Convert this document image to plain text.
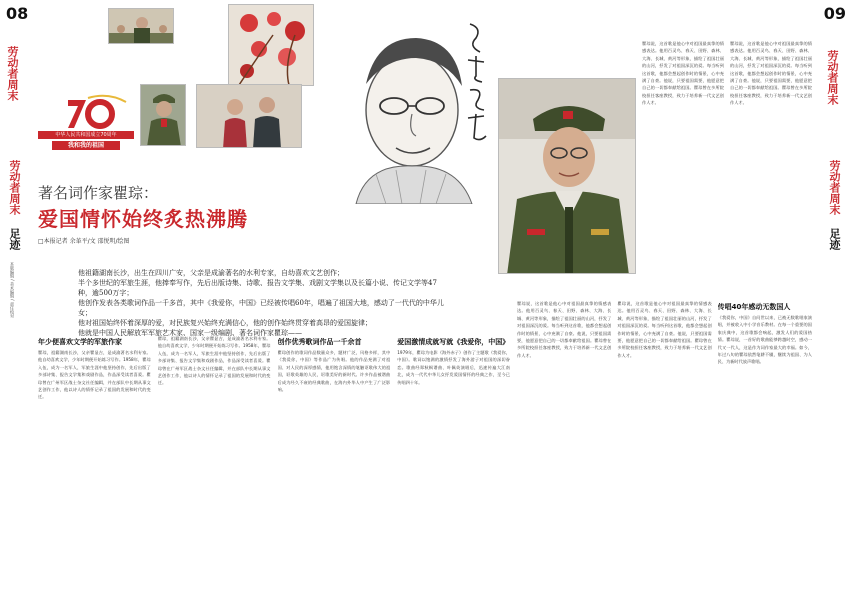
08

劳动者周末
劳动者周末
足迹
本版编辑 / 美术编辑 / 责任校对
中华人民共和国成立70周年
我和我的祖国
著名词作家瞿琮：
爱国情怀始终炙热沸腾
□本报记者 余革平/文 邵悦明/绘图
他祖籍湖南长沙，出生在四川广安，父亲是成渝著名的水利专家，自幼喜欢文艺创作；
半个多世纪的军旅生涯，他捧奉写作，先后出版诗集、诗歌、报告文学集、戏剧文学集以及长篇小说、传记文学等47种，逾500万字；
他创作发表各类歌词作品一千多首，其中《我爱你，中国》已经被传唱60年，唱遍了祖国大地，感动了一代代的中华儿女；
他对祖国始终怀着深厚的爱，对民族复兴始终充满信心，他的创作始终贯穿着高昂的爱国旋律；
他就是中国人民解放军军旅艺术家、国家一级编剧、著名词作家瞿琮——
年少便喜欢文学的军旅作家
瞿琮，祖籍湖南长沙，父亲瞿显吉，是成渝著名水利专家。他自幼喜欢文学，少年时期便开始练习写作。1958年，瞿琮入伍，成为一名军人，军旅生涯中他坚持创作，先后出版了多部诗集、报告文学集和戏剧作品，作品深受读者喜爱。瞿琮曾在广州军区战士杂文社任编辑，并在部队中长期从事文艺创作工作，他以诗人的情怀记录了祖国的发展和时代的变迁。
瞿琮，祖籍湖南长沙，父亲瞿显吉，是成渝著名水利专家。他自幼喜欢文学，少年时期便开始练习写作。1958年，瞿琮入伍，成为一名军人，军旅生涯中他坚持创作，先后出版了多部诗集、报告文学集和戏剧作品，作品深受读者喜爱。瞿琮曾在广州军区战士杂文社任编辑，并在部队中长期从事文艺创作工作，他以诗人的情怀记录了祖国的发展和时代的变迁。
创作优秀歌词作品一千余首
瞿琮创作的歌词作品数量众多，题材广泛，风格多样，其中《我爱你，中国》等作品广为传唱。他的作品充满了对祖国、对人民的深厚感情，他用饱含深情的笔触讴歌伟大的祖国，讴歌英雄的人民，讴歌美好的新时代。许多作品被谱曲后成为经久不衰的经典歌曲，在海内外华人中产生了广泛影响。
爱国激情成就写就《我爱你，中国》
1979年，瞿琮为电影《海外赤子》创作了主题歌《我爱你，中国》。歌词以饱满的激情抒发了海外游子对祖国的深切眷恋。歌曲经郑秋枫谱曲、叶佩英演唱后，迅速传遍大江南北，成为一代代中华儿女抒发爱国情怀的经典之作，至今已传唱四十年。
瞿琮说，这首歌是他心中对祖国最真挚的情感表达。他用百灵鸟、春天、田野、森林、大海、长城、黄河等形象，描绘了祖国壮丽的山河，抒发了对祖国深沉的爱。每当听到这首歌，他都会想起创作时的情景，心中充满了自豪。他说，只要祖国需要，他愿意把自己的一切都奉献给祖国。瞿琮曾在多所院校担任客座教授，致力于培养新一代文艺创作人才。
瞿琮说，这首歌是他心中对祖国最真挚的情感表达。他用百灵鸟、春天、田野、森林、大海、长城、黄河等形象，描绘了祖国壮丽的山河，抒发了对祖国深沉的爱。每当听到这首歌，他都会想起创作时的情景，心中充满了自豪。他说，只要祖国需要，他愿意把自己的一切都奉献给祖国。瞿琮曾在多所院校担任客座教授，致力于培养新一代文艺创作人才。
瞿琮说，这首歌是他心中对祖国最真挚的情感表达。他用百灵鸟、春天、田野、森林、大海、长城、黄河等形象，描绘了祖国壮丽的山河，抒发了对祖国深沉的爱。每当听到这首歌，他都会想起创作时的情景，心中充满了自豪。他说，只要祖国需要，他愿意把自己的一切都奉献给祖国。瞿琮曾在多所院校担任客座教授，致力于培养新一代文艺创作人才。
瞿琮说，这首歌是他心中对祖国最真挚的情感表达。他用百灵鸟、春天、田野、森林、大海、长城、黄河等形象，描绘了祖国壮丽的山河，抒发了对祖国深沉的爱。每当听到这首歌，他都会想起创作时的情景，心中充满了自豪。他说，只要祖国需要，他愿意把自己的一切都奉献给祖国。瞿琮曾在多所院校担任客座教授，致力于培养新一代文艺创作人才。
传唱40年感动无数国人
《我爱你，中国》自问世以来，已被无数歌唱家演唱，并被收入中小学音乐教材。在每一个重要的国家庆典中，这首歌都会响起，激发人们的爱国热情。瞿琮说，一首好的歌曲能够跨越时空，感动一代又一代人，这是作为词作家最大的幸福。如今，年过八旬的瞿琮依然笔耕不辍，继续为祖国、为人民、为新时代放声歌唱。
09

劳动者周末
劳动者周末
足迹
